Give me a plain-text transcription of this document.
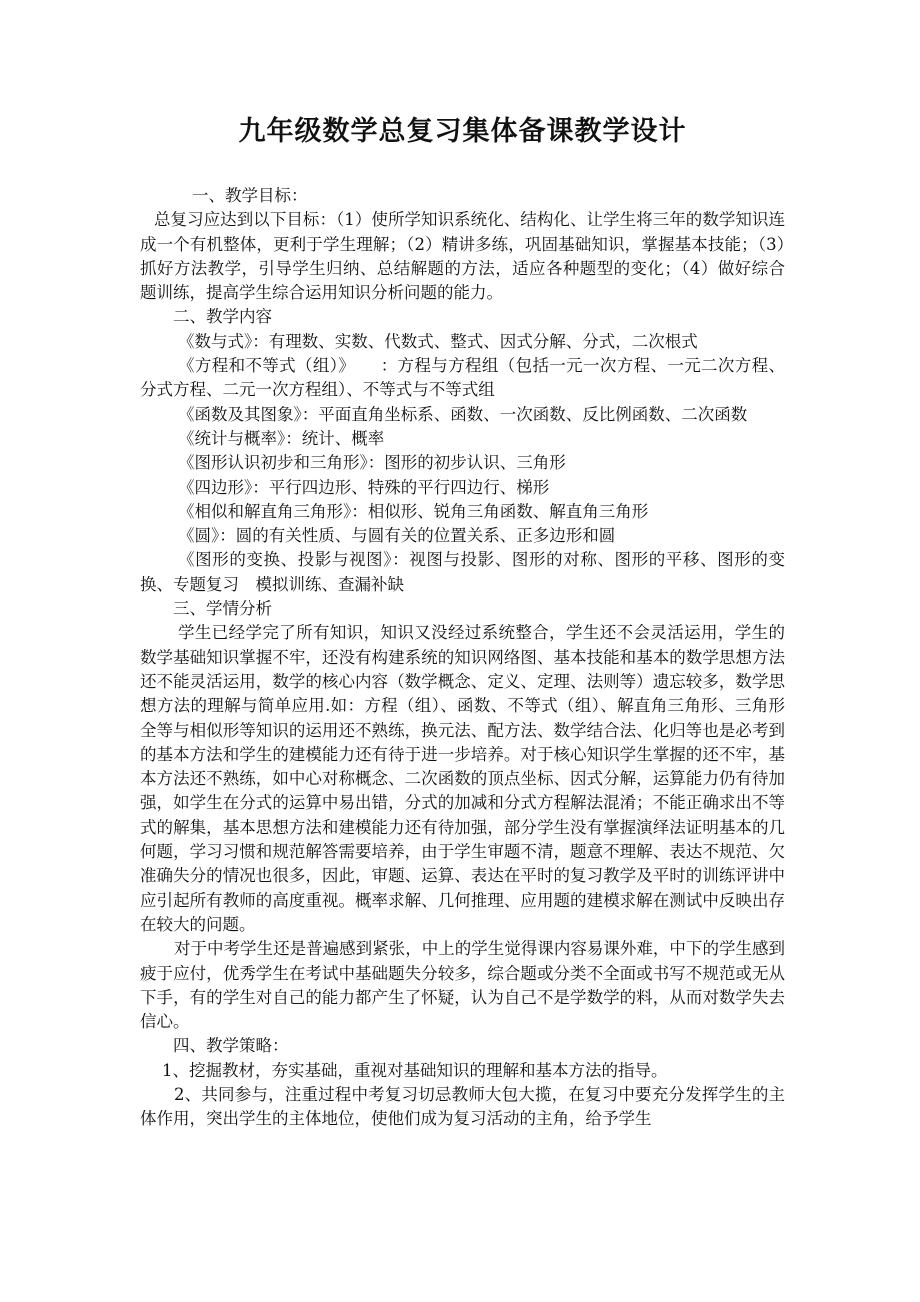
九年级数学总复习集体备课教学设计

一、教学目标：

总复习应达到以下目标：（1）使所学知识系统化、结构化、让学生将三年的数学知识连成一个有机整体，更利于学生理解；（2）精讲多练，巩固基础知识，掌握基本技能；（3）抓好方法教学，引导学生归纳、总结解题的方法，适应各种题型的变化；（4）做好综合题训练，提高学生综合运用知识分析问题的能力。

二、教学内容

《数与式》：有理数、实数、代数式、整式、因式分解、分式，二次根式

《方程和不等式（组）》　　：方程与方程组（包括一元一次方程、一元二次方程、分式方程、二元一次方程组）、不等式与不等式组

《函数及其图象》：平面直角坐标系、函数、一次函数、反比例函数、二次函数

《统计与概率》：统计、概率

《图形认识初步和三角形》：图形的初步认识、三角形

《四边形》：平行四边形、特殊的平行四边行、梯形

《相似和解直角三角形》：相似形、锐角三角函数、解直角三角形

《圆》：圆的有关性质、与圆有关的位置关系、正多边形和圆

《图形的变换、投影与视图》：视图与投影、图形的对称、图形的平移、图形的变换、专题复习　模拟训练、查漏补缺

三、学情分析

学生已经学完了所有知识，知识又没经过系统整合，学生还不会灵活运用，学生的数学基础知识掌握不牢，还没有构建系统的知识网络图、基本技能和基本的数学思想方法还不能灵活运用，数学的核心内容（数学概念、定义、定理、法则等）遗忘较多，数学思想方法的理解与简单应用.如：方程（组）、函数、不等式（组）、解直角三角形、三角形全等与相似形等知识的运用还不熟练，换元法、配方法、数学结合法、化归等也是必考到的基本方法和学生的建模能力还有待于进一步培养。对于核心知识学生掌握的还不牢，基本方法还不熟练，如中心对称概念、二次函数的顶点坐标、因式分解，运算能力仍有待加强，如学生在分式的运算中易出错，分式的加减和分式方程解法混淆；不能正确求出不等式的解集，基本思想方法和建模能力还有待加强，部分学生没有掌握演绎法证明基本的几何题，学习习惯和规范解答需要培养，由于学生审题不清，题意不理解、表达不规范、欠准确失分的情况也很多，因此，审题、运算、表达在平时的复习教学及平时的训练评讲中应引起所有教师的高度重视。概率求解、几何推理、应用题的建模求解在测试中反映出存在较大的问题。

对于中考学生还是普遍感到紧张，中上的学生觉得课内容易课外难，中下的学生感到疲于应付，优秀学生在考试中基础题失分较多，综合题或分类不全面或书写不规范或无从下手，有的学生对自己的能力都产生了怀疑，认为自己不是学数学的料，从而对数学失去信心。

四、教学策略：

1、挖掘教材，夯实基础，重视对基础知识的理解和基本方法的指导。

2、共同参与，注重过程中考复习切忌教师大包大揽，在复习中要充分发挥学生的主体作用，突出学生的主体地位，使他们成为复习活动的主角，给予学生
